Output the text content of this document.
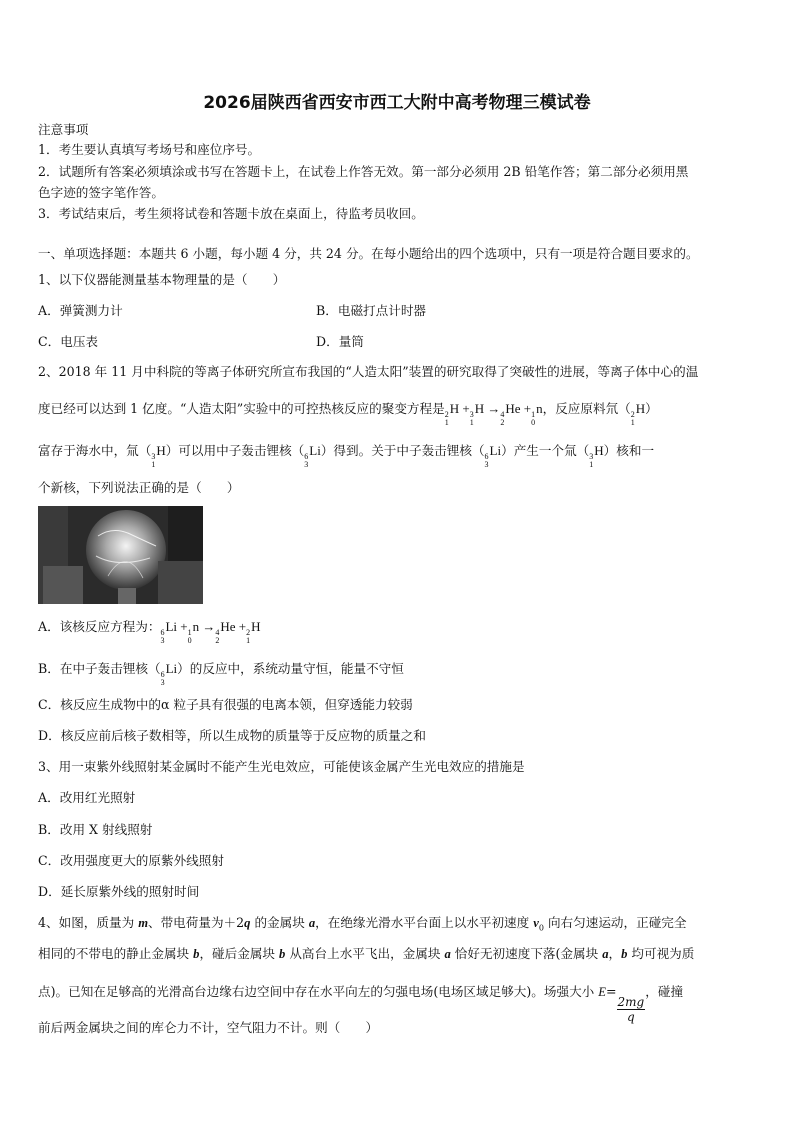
2026届陕西省西安市西工大附中高考物理三模试卷
注意事项
1．考生要认真填写考场号和座位序号。
2．试题所有答案必须填涂或书写在答题卡上，在试卷上作答无效。第一部分必须用 2B 铅笔作答；第二部分必须用黑
色字迹的签字笔作答。
3．考试结束后，考生须将试卷和答题卡放在桌面上，待监考员收回。
一、单项选择题：本题共 6 小题，每小题 4 分，共 24 分。在每小题给出的四个选项中，只有一项是符合题目要求的。
1、以下仪器能测量基本物理量的是（　　）
A．弹簧测力计	B．电磁打点计时器
C．电压表	D．量筒
2、2018 年 11 月中科院的等离子体研究所宣布我国的“人造太阳”装置的研究取得了突破性的进展，等离子体中心的温
度已经可以达到 1 亿度。“人造太阳”实验中的可控热核反应的聚变方程是 2
1
H + 3
1
H → 4
2
He + 1
0
n，反应原料氘（ 2
1
H）
富存于海水中，氚（ 3
1
H）可以用中子轰击锂核（ 6
3
Li）得到。关于中子轰击锂核（ 6
3
Li）产生一个氚（ 3
1
H）核和一
个新核，下列说法正确的是（　　）
A．该核反应方程为： 6
3
Li + 1
0
n → 4
2
He + 2
1
H
B．在中子轰击锂核（ 6
3
Li）的反应中，系统动量守恒，能量不守恒
C．核反应生成物中的α 粒子具有很强的电离本领，但穿透能力较弱
D．核反应前后核子数相等，所以生成物的质量等于反应物的质量之和
3、用一束紫外线照射某金属时不能产生光电效应，可能使该金属产生光电效应的措施是
A．改用红光照射
B．改用 X 射线照射
C．改用强度更大的原紫外线照射
D．延长原紫外线的照射时间
4、如图，质量为 m、带电荷量为＋2q 的金属块 a，在绝缘光滑水平台面上以水平初速度 $v_0$ 向右匀速运动，正碰完全
相同的不带电的静止金属块 b，碰后金属块 b 从高台上水平飞出，金属块 a 恰好无初速度下落(金属块 a，b 均可视为质
点)。已知在足够高的光滑高台边缘右边空间中存在水平向左的匀强电场(电场区域足够大)。场强大小 E=
$\frac{2mg}{q}$
，碰撞
前后两金属块之间的库仑力不计，空气阻力不计。则（　　）
